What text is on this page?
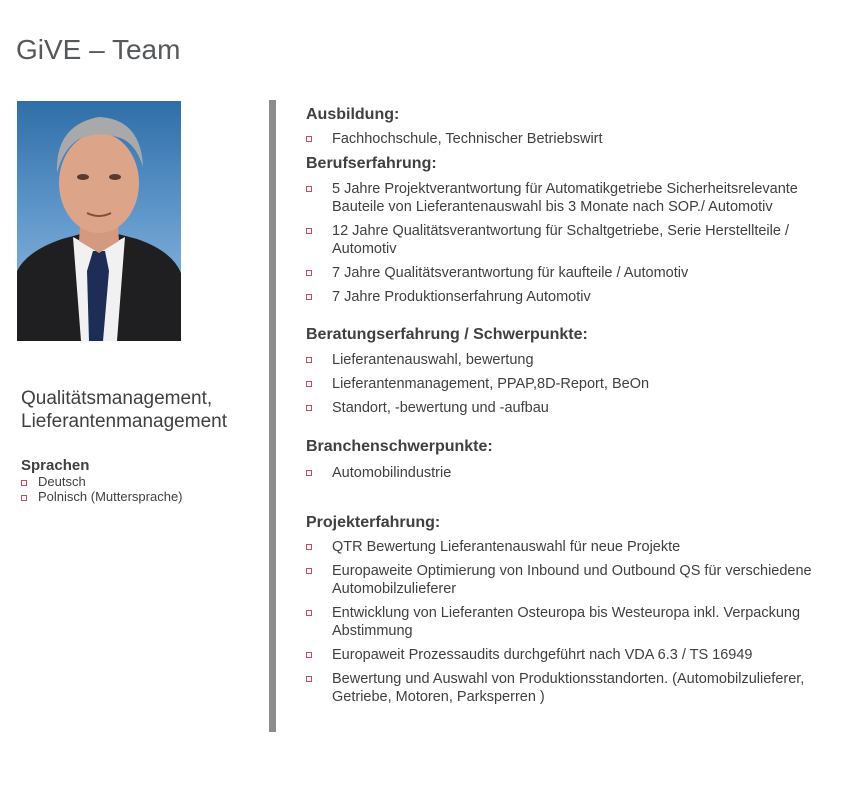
GiVE – Team
Qualitätsmanagement,
Lieferantenmanagement
Sprachen
Deutsch
Polnisch (Muttersprache)
Ausbildung:
Fachhochschule, Technischer Betriebswirt
Berufserfahrung:
5 Jahre Projektverantwortung für Automatikgetriebe Sicherheitsrelevante Bauteile von Lieferantenauswahl bis 3 Monate nach SOP./ Automotiv
12 Jahre Qualitätsverantwortung für Schaltgetriebe, Serie Herstellteile / Automotiv
7 Jahre Qualitätsverantwortung für kaufteile / Automotiv
7 Jahre Produktionserfahrung Automotiv
Beratungserfahrung / Schwerpunkte:
Lieferantenauswahl, bewertung
Lieferantenmanagement, PPAP,8D-Report, BeOn
Standort, -bewertung und -aufbau
Branchenschwerpunkte:
Automobilindustrie
Projekterfahrung:
QTR Bewertung Lieferantenauswahl für neue Projekte
Europaweite Optimierung von Inbound und Outbound QS für verschiedene Automobilzulieferer
Entwicklung von Lieferanten Osteuropa bis Westeuropa inkl. Verpackung Abstimmung
Europaweit Prozessaudits durchgeführt nach VDA 6.3 / TS 16949
Bewertung und Auswahl von Produktionsstandorten. (Automobilzulieferer, Getriebe, Motoren, Parksperren )
